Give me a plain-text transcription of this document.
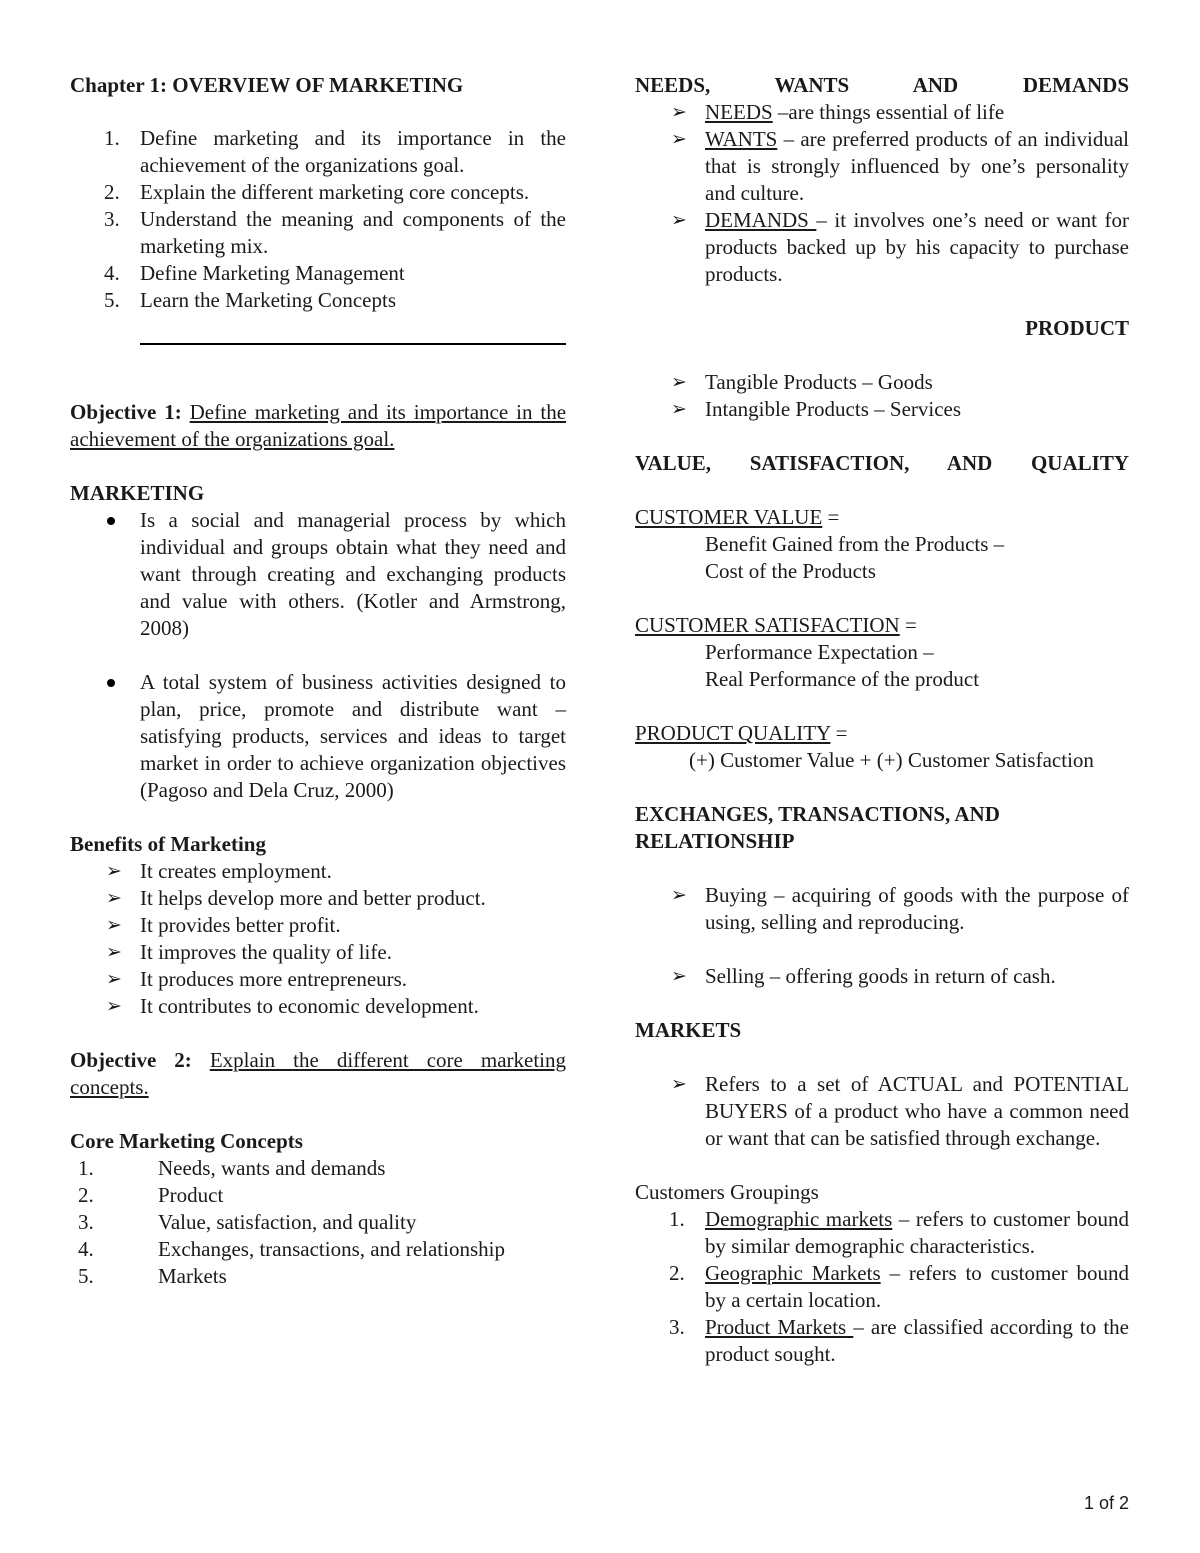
Chapter 1: OVERVIEW OF MARKETING

1. Define marketing and its importance in the achievement of the organizations goal.
2. Explain the different marketing core concepts.
3. Understand the meaning and components of the marketing mix.
4. Define Marketing Management
5. Learn the Marketing Concepts

Objective 1: Define marketing and its importance in the achievement of the organizations goal.

MARKETING

Is a social and managerial process by which individual and groups obtain what they need and want through creating and exchanging products and value with others. (Kotler and Armstrong, 2008)
A total system of business activities designed to plan, price, promote and distribute want – satisfying products, services and ideas to target market in order to achieve organization objectives (Pagoso and Dela Cruz, 2000)

Benefits of Marketing

➢ It creates employment.
➢ It helps develop more and better product.
➢ It provides better profit.
➢ It improves the quality of life.
➢ It produces more entrepreneurs.
➢ It contributes to economic development.

Objective 2: Explain the different core marketing concepts.

Core Marketing Concepts

1.	Needs, wants and demands
2.	Product
3.	Value, satisfaction, and quality
4.	Exchanges, transactions, and relationship
5.	Markets

NEEDS, WANTS AND DEMANDS

➢ NEEDS –are things essential of life
➢ WANTS – are preferred products of an individual that is strongly influenced by one’s personality and culture.
➢ DEMANDS – it involves one’s need or want for products backed up by his capacity to purchase products.

PRODUCT

➢ Tangible Products – Goods
➢ Intangible Products – Services

VALUE, SATISFACTION, AND QUALITY

CUSTOMER VALUE =

Benefit Gained from the Products –

Cost of the Products

CUSTOMER SATISFACTION =

Performance Expectation –

Real Performance of the product

PRODUCT QUALITY =

(+) Customer Value + (+) Customer Satisfaction

EXCHANGES, TRANSACTIONS, AND RELATIONSHIP

➢ Buying – acquiring of goods with the purpose of using, selling and reproducing.
➢ Selling – offering goods in return of cash.

MARKETS

➢ Refers to a set of ACTUAL and POTENTIAL BUYERS of a product who have a common need or want that can be satisfied through exchange.

Customers Groupings

1. Demographic markets – refers to customer bound by similar demographic characteristics.
2. Geographic Markets – refers to customer bound by a certain location.
3. Product Markets – are classified according to the product sought.
1 of 2
